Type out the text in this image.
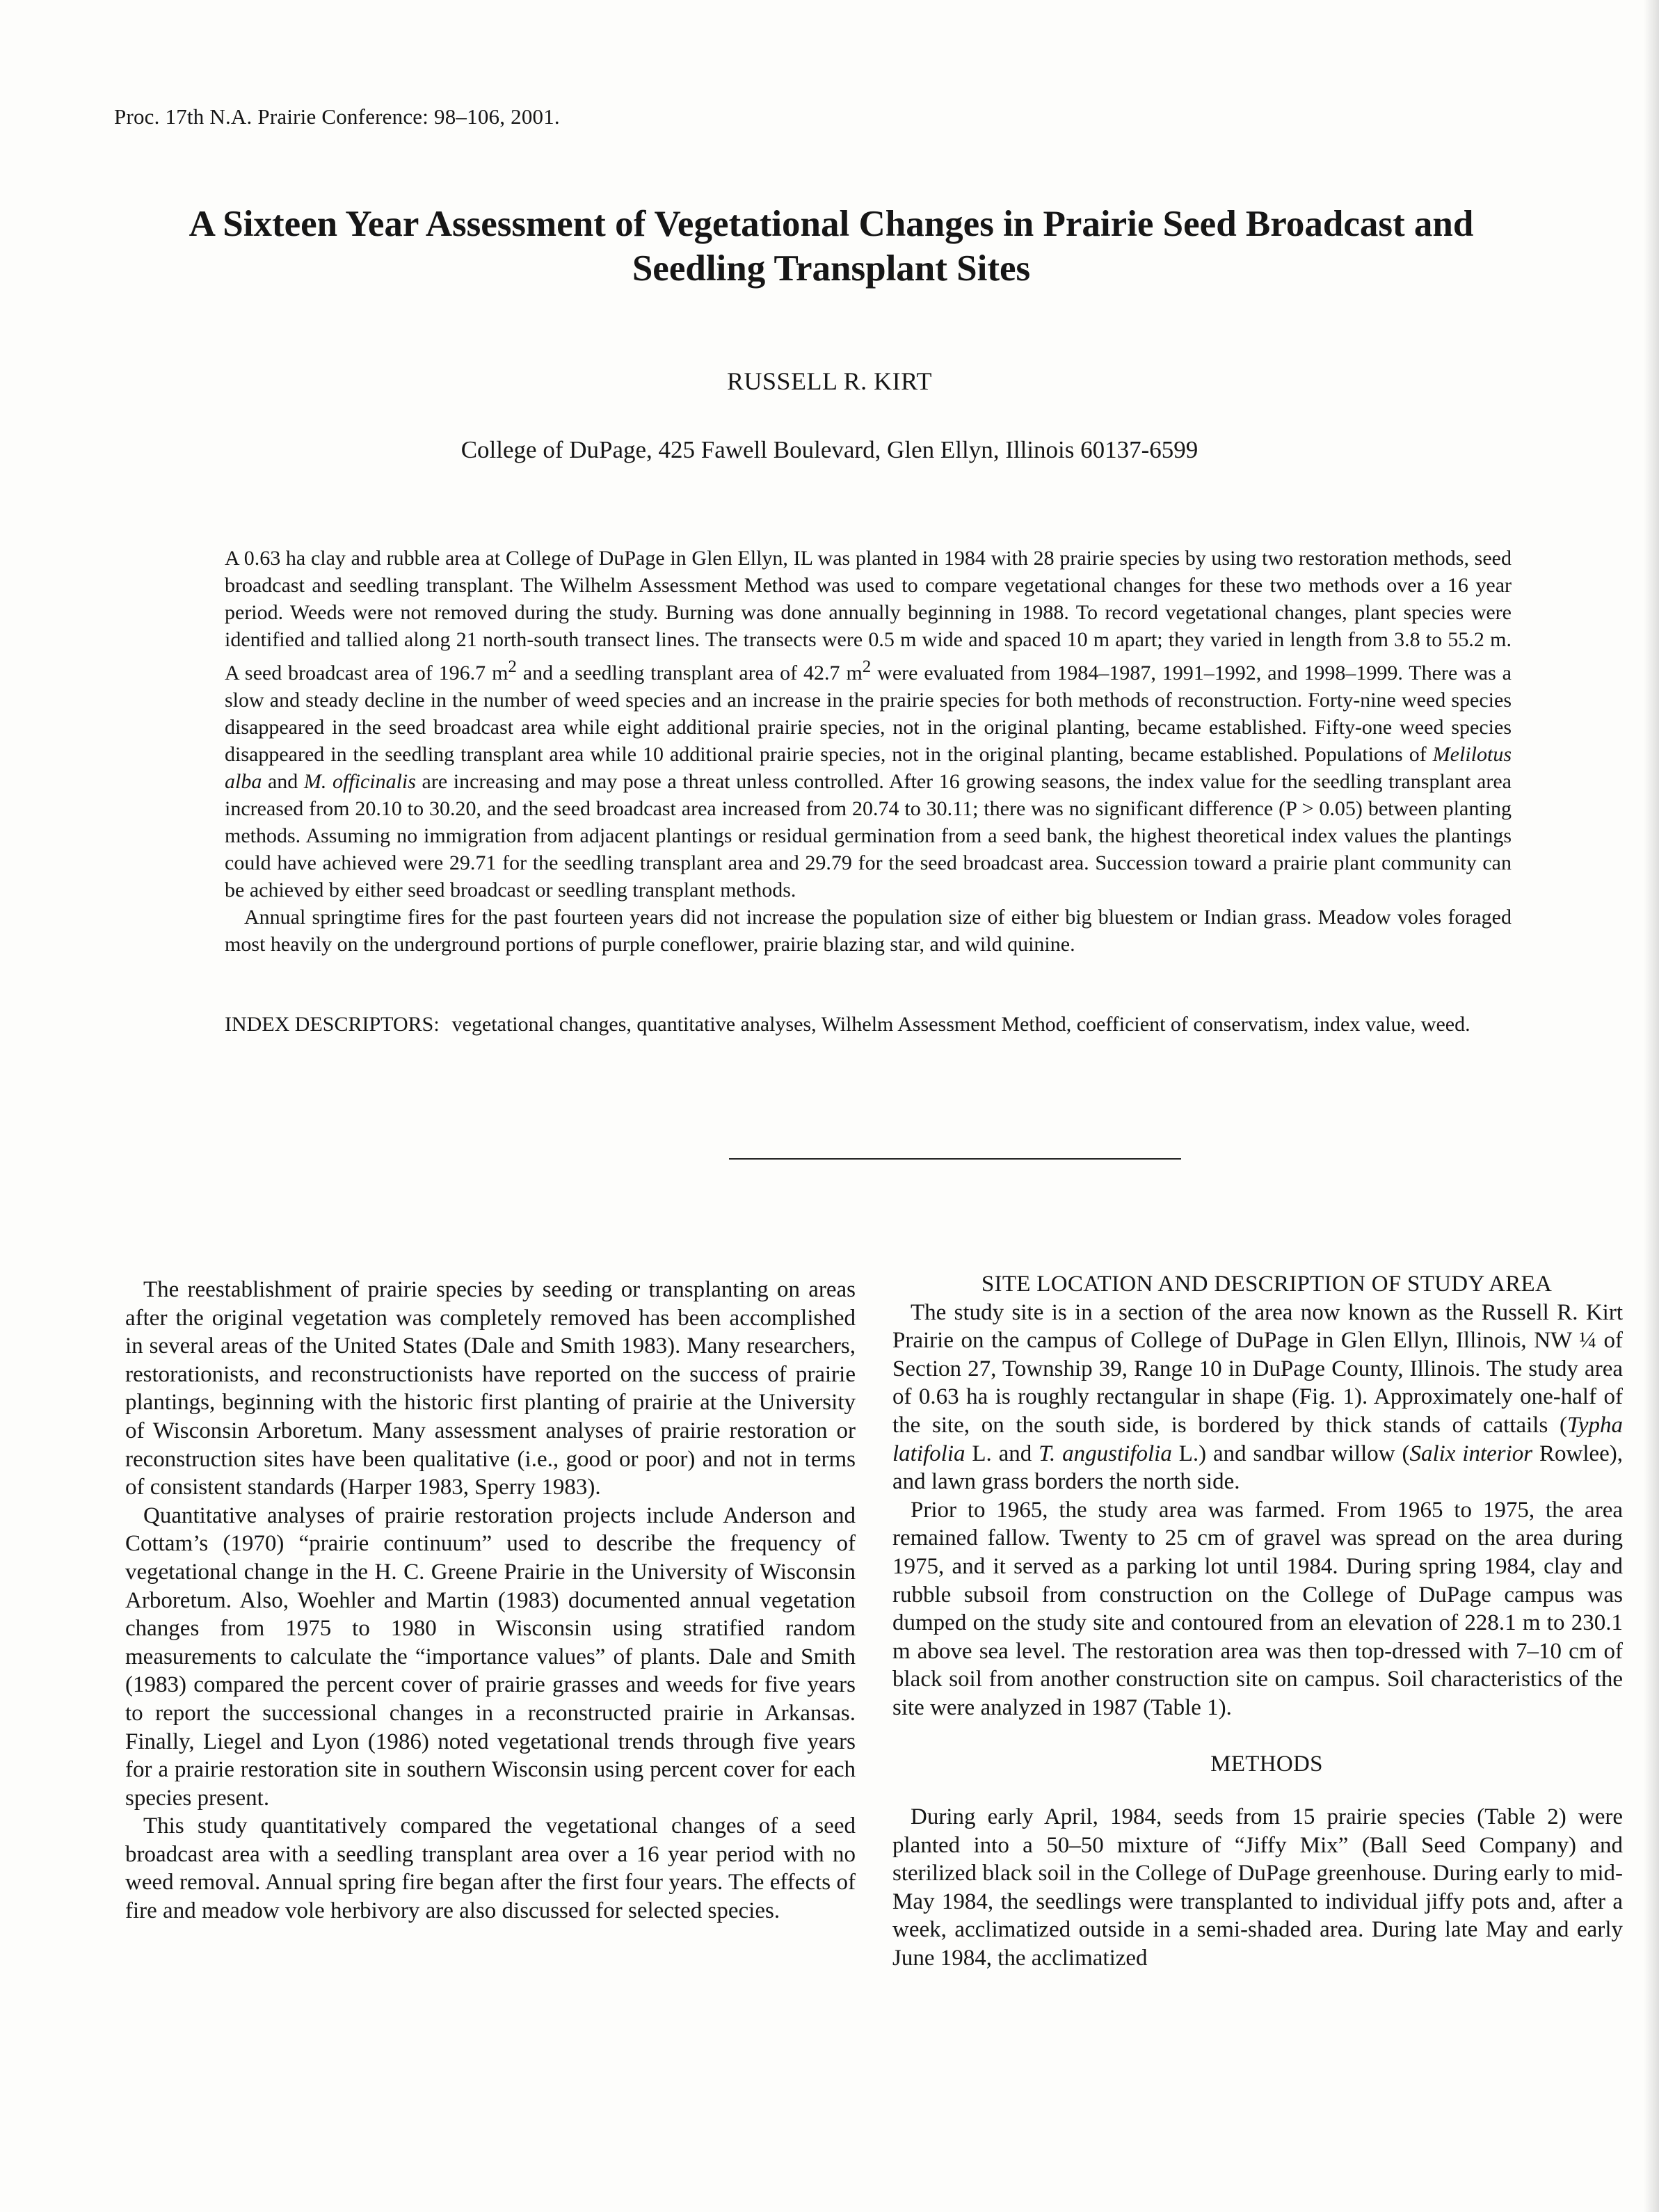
Proc. 17th N.A. Prairie Conference: 98–106, 2001.
A Sixteen Year Assessment of Vegetational Changes in Prairie Seed Broadcast and
Seedling Transplant Sites
RUSSELL R. KIRT
College of DuPage, 425 Fawell Boulevard, Glen Ellyn, Illinois 60137-6599

A 0.63 ha clay and rubble area at College of DuPage in Glen Ellyn, IL was planted in 1984 with 28 prairie species by using two restoration methods, seed broadcast and seedling transplant. The Wilhelm Assessment Method was used to compare vegetational changes for these two methods over a 16 year period. Weeds were not removed during the study. Burning was done annually beginning in 1988. To record vegetational changes, plant species were identified and tallied along 21 north-south transect lines. The transects were 0.5 m wide and spaced 10 m apart; they varied in length from 3.8 to 55.2 m. A seed broadcast area of 196.7 $m^2$ and a seedling transplant area of 42.7 $m^2$ were evaluated from 1984–1987, 1991–1992, and 1998–1999. There was a slow and steady decline in the number of weed species and an increase in the prairie species for both methods of reconstruction. Forty-nine weed species disappeared in the seed broadcast area while eight additional prairie species, not in the original planting, became established. Fifty-one weed species disappeared in the seedling transplant area while 10 additional prairie species, not in the original planting, became established. Populations of Melilotus alba and M. officinalis are increasing and may pose a threat unless controlled. After 16 growing seasons, the index value for the seedling transplant area increased from 20.10 to 30.20, and the seed broadcast area increased from 20.74 to 30.11; there was no significant difference (P > 0.05) between planting methods. Assuming no immigration from adjacent plantings or residual germination from a seed bank, the highest theoretical index values the plantings could have achieved were 29.71 for the seedling transplant area and 29.79 for the seed broadcast area. Succession toward a prairie plant community can be achieved by either seed broadcast or seedling transplant methods.

Annual springtime fires for the past fourteen years did not increase the population size of either big bluestem or Indian grass. Meadow voles foraged most heavily on the underground portions of purple coneflower, prairie blazing star, and wild quinine.

INDEX DESCRIPTORS: vegetational changes, quantitative analyses, Wilhelm Assessment Method, coefficient of conservatism, index value, weed.

The reestablishment of prairie species by seeding or transplanting on areas after the original vegetation was completely removed has been accomplished in several areas of the United States (Dale and Smith 1983). Many researchers, restorationists, and reconstructionists have reported on the success of prairie plantings, beginning with the historic first planting of prairie at the University of Wisconsin Arboretum. Many assessment analyses of prairie restoration or reconstruction sites have been qualitative (i.e., good or poor) and not in terms of consistent standards (Harper 1983, Sperry 1983).

Quantitative analyses of prairie restoration projects include Anderson and Cottam’s (1970) “prairie continuum” used to describe the frequency of vegetational change in the H. C. Greene Prairie in the University of Wisconsin Arboretum. Also, Woehler and Martin (1983) documented annual vegetation changes from 1975 to 1980 in Wisconsin using stratified random measurements to calculate the “importance values” of plants. Dale and Smith (1983) compared the percent cover of prairie grasses and weeds for five years to report the successional changes in a reconstructed prairie in Arkansas. Finally, Liegel and Lyon (1986) noted vegetational trends through five years for a prairie restoration site in southern Wisconsin using percent cover for each species present.

This study quantitatively compared the vegetational changes of a seed broadcast area with a seedling transplant area over a 16 year period with no weed removal. Annual spring fire began after the first four years. The effects of fire and meadow vole herbivory are also discussed for selected species.

SITE LOCATION AND DESCRIPTION OF STUDY AREA

The study site is in a section of the area now known as the Russell R. Kirt Prairie on the campus of College of DuPage in Glen Ellyn, Illinois, NW ¼ of Section 27, Township 39, Range 10 in DuPage County, Illinois. The study area of 0.63 ha is roughly rectangular in shape (Fig. 1). Approximately one-half of the site, on the south side, is bordered by thick stands of cattails (Typha latifolia L. and T. angustifolia L.) and sandbar willow (Salix interior Rowlee), and lawn grass borders the north side.

Prior to 1965, the study area was farmed. From 1965 to 1975, the area remained fallow. Twenty to 25 cm of gravel was spread on the area during 1975, and it served as a parking lot until 1984. During spring 1984, clay and rubble subsoil from construction on the College of DuPage campus was dumped on the study site and contoured from an elevation of 228.1 m to 230.1 m above sea level. The restoration area was then top-dressed with 7–10 cm of black soil from another construction site on campus. Soil characteristics of the site were analyzed in 1987 (Table 1).

METHODS

During early April, 1984, seeds from 15 prairie species (Table 2) were planted into a 50–50 mixture of “Jiffy Mix” (Ball Seed Company) and sterilized black soil in the College of DuPage greenhouse. During early to mid-May 1984, the seedlings were transplanted to individual jiffy pots and, after a week, acclimatized outside in a semi-shaded area. During late May and early June 1984, the acclimatized
